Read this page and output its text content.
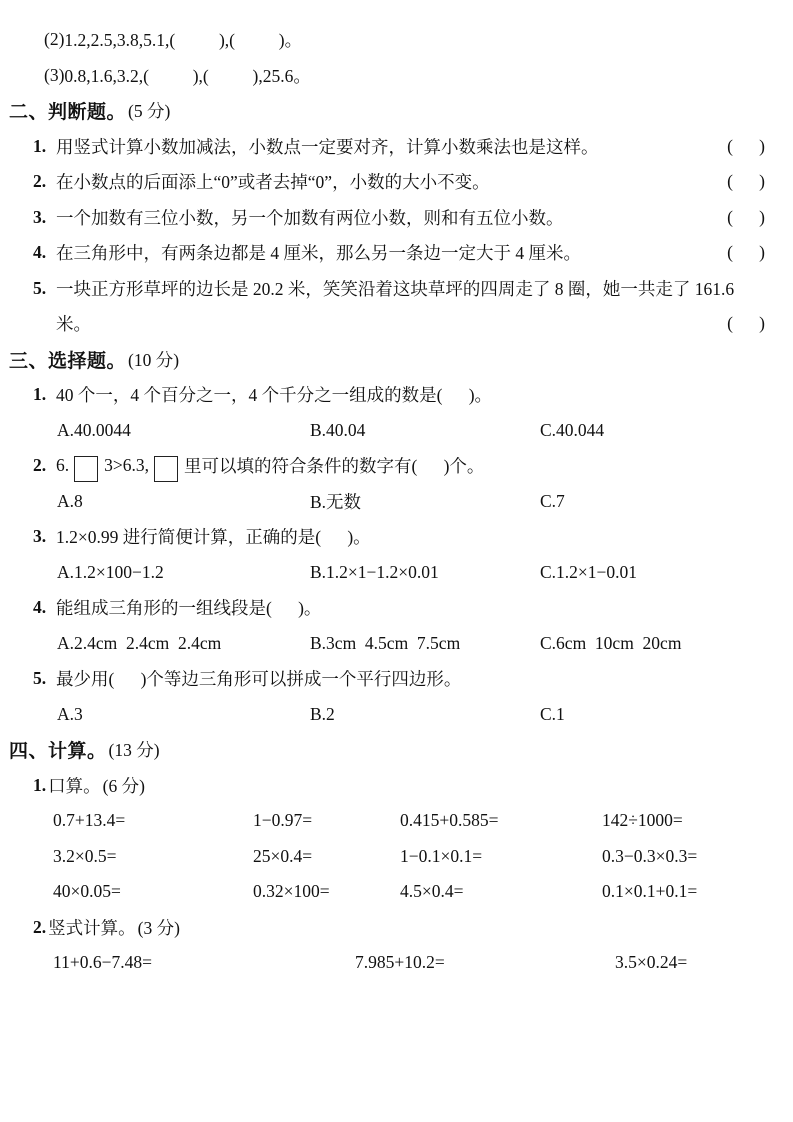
(2) 1.2,2.5,3.8,5.1,(          ),(          )。
(3) 0.8,1.6,3.2,(          ),(          ),25.6。
二、判断题。 (5 分)
1. 用竖式计算小数加减法，小数点一定要对齐，计算小数乘法也是这样。	(      )
2. 在小数点的后面添上“0”或者去掉“0”，小数的大小不变。	(      )
3. 一个加数有三位小数，另一个加数有两位小数，则和有五位小数。	(      )
4. 在三角形中，有两条边都是 4 厘米，那么另一条边一定大于 4 厘米。	(      )
5. 一块正方形草坪的边长是 20.2 米，笑笑沿着这块草坪的四周走了 8 圈，她一共走了 161.6
米。	(      )
三、选择题。 (10 分)
1. 40 个一，4 个百分之一，4 个千分之一组成的数是(      )。
A.40.0044	B.40.04	C.40.044
2. 6. 3>6.3, 里可以填的符合条件的数字有(      )个。
A.8	B.无数	C.7
3. 1.2×0.99 进行简便计算，正确的是(      )。
A.1.2×100−1.2	B.1.2×1−1.2×0.01	C.1.2×1−0.01
4. 能组成三角形的一组线段是(      )。
A.2.4cm  2.4cm  2.4cm	B.3cm  4.5cm  7.5cm	C.6cm  10cm  20cm
5. 最少用(      )个等边三角形可以拼成一个平行四边形。
A.3	B.2	C.1
四、计算。 (13 分)
1. 口算。 (6 分)
0.7+13.4=	1−0.97=	0.415+0.585=	142÷1000=
3.2×0.5=	25×0.4=	1−0.1×0.1=	0.3−0.3×0.3=
40×0.05=	0.32×100=	4.5×0.4=	0.1×0.1+0.1=
2. 竖式计算。 (3 分)
11+0.6−7.48=	7.985+10.2=	3.5×0.24=
